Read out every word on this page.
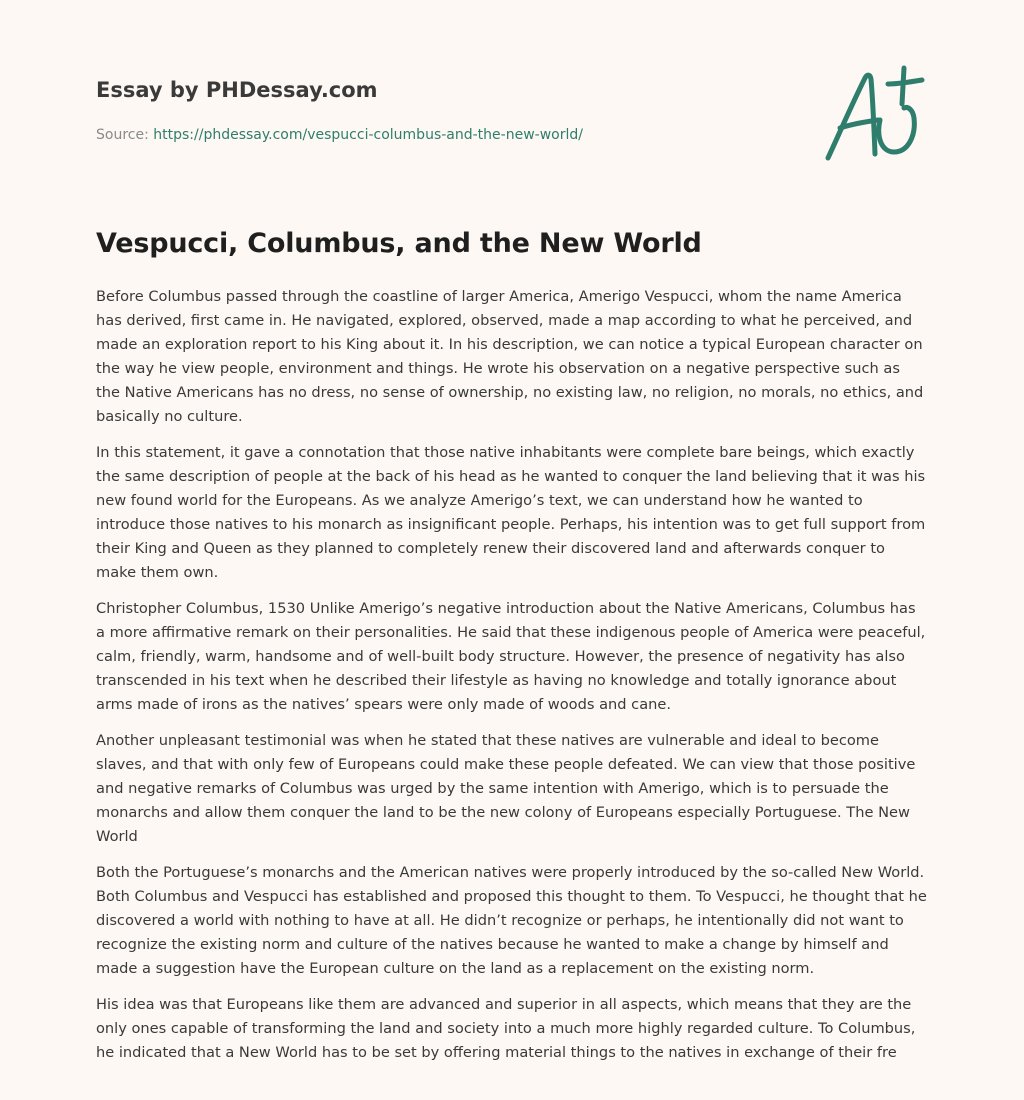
Essay by PHDessay.com
Source: https://phdessay.com/vespucci-columbus-and-the-new-world/
Vespucci, Columbus, and the New World

Before Columbus passed through the coastline of larger America, Amerigo Vespucci, whom the name America has derived, first came in. He navigated, explored, observed, made a map according to what he perceived, and made an exploration report to his King about it. In his description, we can notice a typical European character on the way he view people, environment and things. He wrote his observation on a negative perspective such as the Native Americans has no dress, no sense of ownership, no existing law, no religion, no morals, no ethics, and basically no culture.

In this statement, it gave a connotation that those native inhabitants were complete bare beings, which exactly the same description of people at the back of his head as he wanted to conquer the land believing that it was his new found world for the Europeans. As we analyze Amerigo’s text, we can understand how he wanted to introduce those natives to his monarch as insignificant people. Perhaps, his intention was to get full support from their King and Queen as they planned to completely renew their discovered land and afterwards conquer to make them own.

Christopher Columbus, 1530 Unlike Amerigo’s negative introduction about the Native Americans, Columbus has a more affirmative remark on their personalities. He said that these indigenous people of America were peaceful, calm, friendly, warm, handsome and of well-built body structure. However, the presence of negativity has also transcended in his text when he described their lifestyle as having no knowledge and totally ignorance about arms made of irons as the natives’ spears were only made of woods and cane.

Another unpleasant testimonial was when he stated that these natives are vulnerable and ideal to become slaves, and that with only few of Europeans could make these people defeated. We can view that those positive and negative remarks of Columbus was urged by the same intention with Amerigo, which is to persuade the monarchs and allow them conquer the land to be the new colony of Europeans especially Portuguese. The New World

Both the Portuguese’s monarchs and the American natives were properly introduced by the so-called New World. Both Columbus and Vespucci has established and proposed this thought to them. To Vespucci, he thought that he discovered a world with nothing to have at all. He didn’t recognize or perhaps, he intentionally did not want to recognize the existing norm and culture of the natives because he wanted to make a change by himself and made a suggestion have the European culture on the land as a replacement on the existing norm.

His idea was that Europeans like them are advanced and superior in all aspects, which means that they are the only ones capable of transforming the land and society into a much more highly regarded culture. To Columbus, he indicated that a New World has to be set by offering material things to the natives in exchange of their fre
